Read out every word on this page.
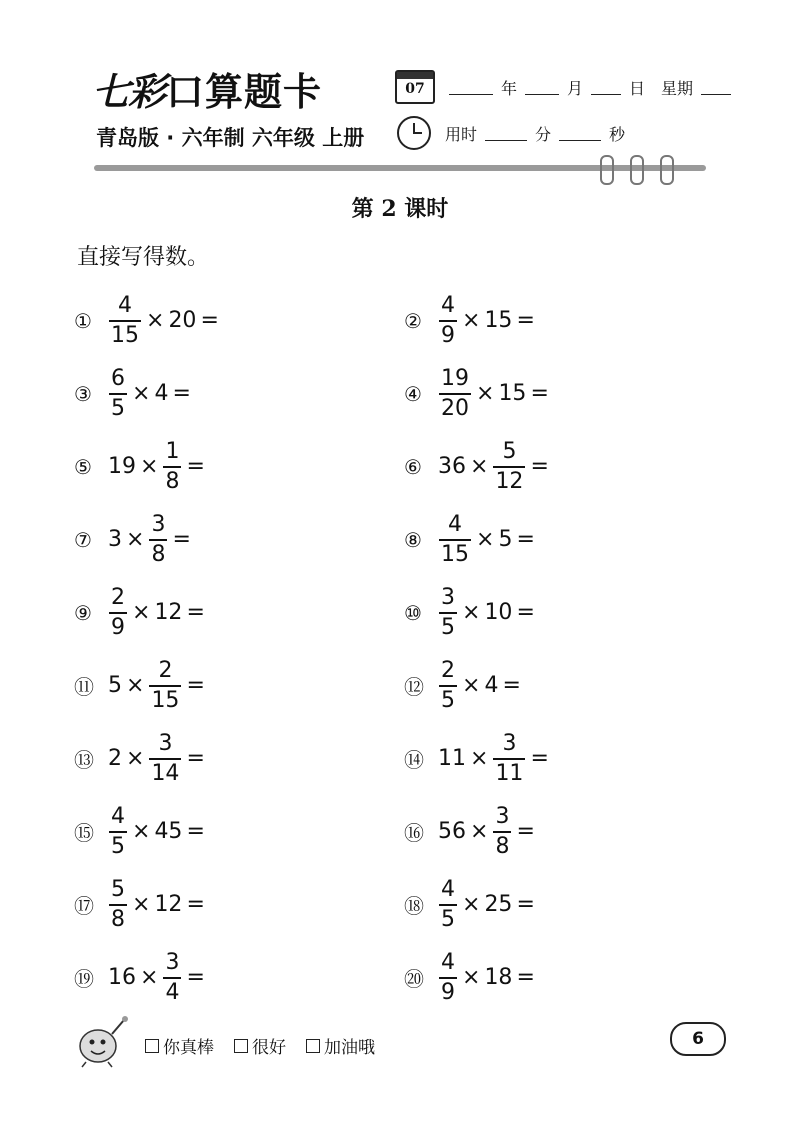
七彩 口算题卡
青岛版 · 六年制 六年级 上册
07	年	月	日 星期
用时	分	秒
第 2 课时
直接写得数。
① $\frac{4}{15} \times 20$ =	② $\frac{4}{9} \times 15$ =
③ $\frac{6}{5} \times 4$ =	④ $\frac{19}{20} \times 15$ =
⑤ $19 \times \frac{1}{8}$ =	⑥ $36 \times \frac{5}{12}$ =
⑦ $3 \times \frac{3}{8}$ =	⑧ $\frac{4}{15} \times 5$ =
⑨ $\frac{2}{9} \times 12$ =	⑩ $\frac{3}{5} \times 10$ =
⑪ $5 \times \frac{2}{15}$ =	⑫ $\frac{2}{5} \times 4$ =
⑬ $2 \times \frac{3}{14}$ =	⑭ $11 \times \frac{3}{11}$ =
⑮ $\frac{4}{5} \times 45$ =	⑯ $56 \times \frac{3}{8}$ =
⑰ $\frac{5}{8} \times 12$ =	⑱ $\frac{4}{5} \times 25$ =
⑲ $16 \times \frac{3}{4}$ =	⑳ $\frac{4}{9} \times 18$ =
你真棒 很好 加油哦	6
